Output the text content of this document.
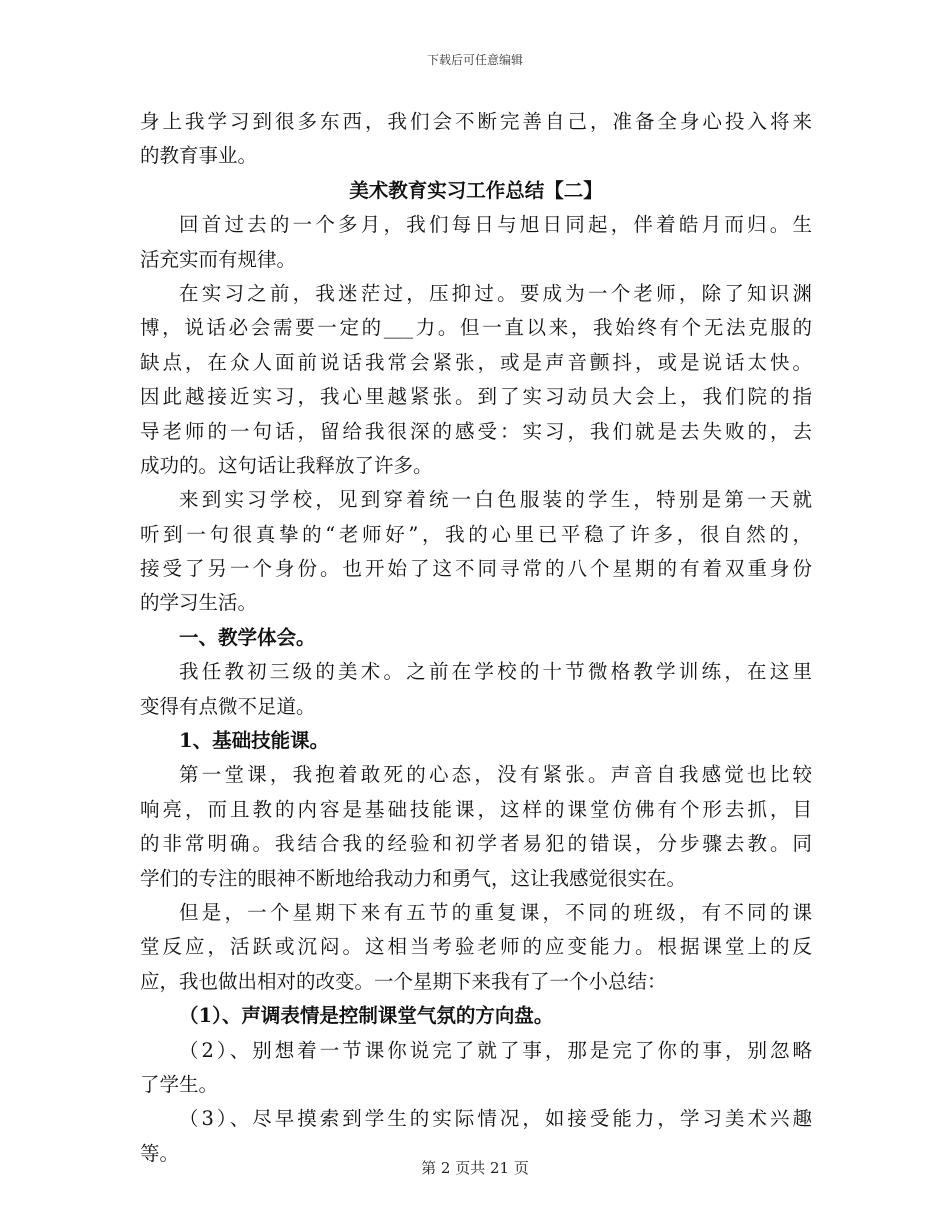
下载后可任意编辑
身上我学习到很多东西，我们会不断完善自己，准备全身心投入将来
的教育事业。
美术教育实习工作总结【二】
回首过去的一个多月，我们每日与旭日同起，伴着皓月而归。生
活充实而有规律。
在实习之前，我迷茫过，压抑过。要成为一个老师，除了知识渊
博，说话必会需要一定的___力。但一直以来，我始终有个无法克服的
缺点，在众人面前说话我常会紧张，或是声音颤抖，或是说话太快。
因此越接近实习，我心里越紧张。到了实习动员大会上，我们院的指
导老师的一句话，留给我很深的感受：实习，我们就是去失败的，去
成功的。这句话让我释放了许多。
来到实习学校，见到穿着统一白色服装的学生，特别是第一天就
听到一句很真挚的“老师好”，我的心里已平稳了许多，很自然的，
接受了另一个身份。也开始了这不同寻常的八个星期的有着双重身份
的学习生活。
一、教学体会。
我任教初三级的美术。之前在学校的十节微格教学训练，在这里
变得有点微不足道。
1、基础技能课。
第一堂课，我抱着敢死的心态，没有紧张。声音自我感觉也比较
响亮，而且教的内容是基础技能课，这样的课堂仿佛有个形去抓，目
的非常明确。我结合我的经验和初学者易犯的错误，分步骤去教。同
学们的专注的眼神不断地给我动力和勇气，这让我感觉很实在。
但是，一个星期下来有五节的重复课，不同的班级，有不同的课
堂反应，活跃或沉闷。这相当考验老师的应变能力。根据课堂上的反
应，我也做出相对的改变。一个星期下来我有了一个小总结：
（1）、声调表情是控制课堂气氛的方向盘。
（2）、别想着一节课你说完了就了事，那是完了你的事，别忽略
了学生。
（3）、尽早摸索到学生的实际情况，如接受能力，学习美术兴趣
等。
第 2 页共 21 页
